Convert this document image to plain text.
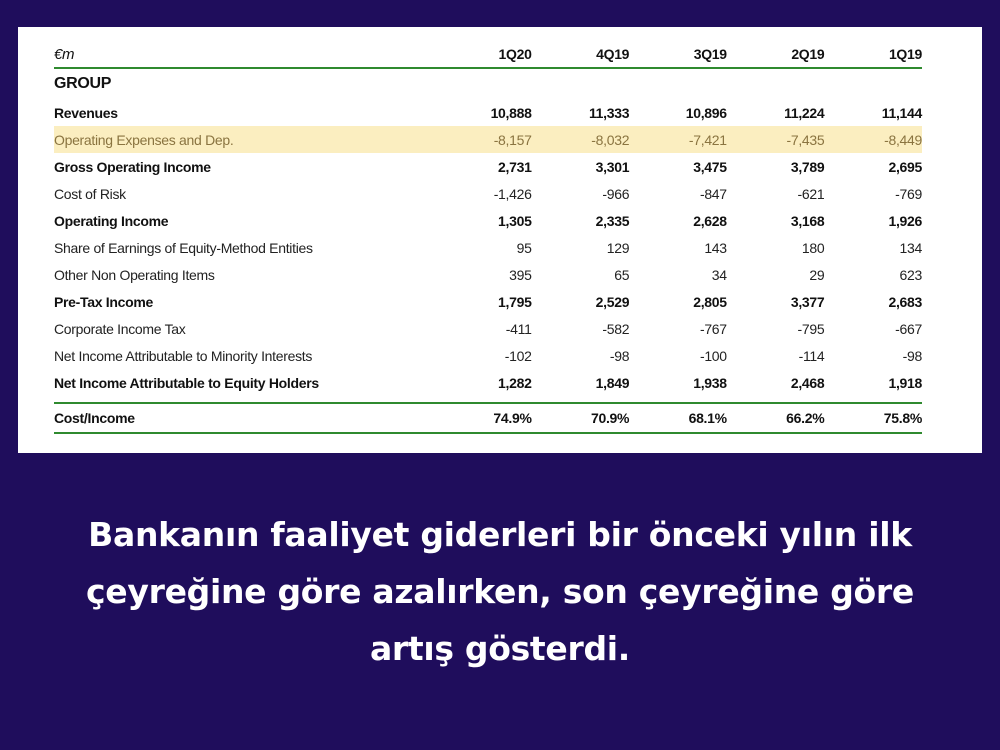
€m	1Q20	4Q19	3Q19	2Q19	1Q19
GROUP					
Revenues	10,888	11,333	10,896	11,224	11,144
Operating Expenses and Dep.	-8,157	-8,032	-7,421	-7,435	-8,449
Gross Operating Income	2,731	3,301	3,475	3,789	2,695
Cost of Risk	-1,426	-966	-847	-621	-769
Operating Income	1,305	2,335	2,628	3,168	1,926
Share of Earnings of Equity-Method Entities	95	129	143	180	134
Other Non Operating Items	395	65	34	29	623
Pre-Tax Income	1,795	2,529	2,805	3,377	2,683
Corporate Income Tax	-411	-582	-767	-795	-667
Net Income Attributable to Minority Interests	-102	-98	-100	-114	-98
Net Income Attributable to Equity Holders	1,282	1,849	1,938	2,468	1,918

Cost/Income	74.9%	70.9%	68.1%	66.2%	75.8%
Bankanın faaliyet giderleri bir önceki yılın ilk çeyreğine göre azalırken, son çeyreğine göre artış gösterdi.
